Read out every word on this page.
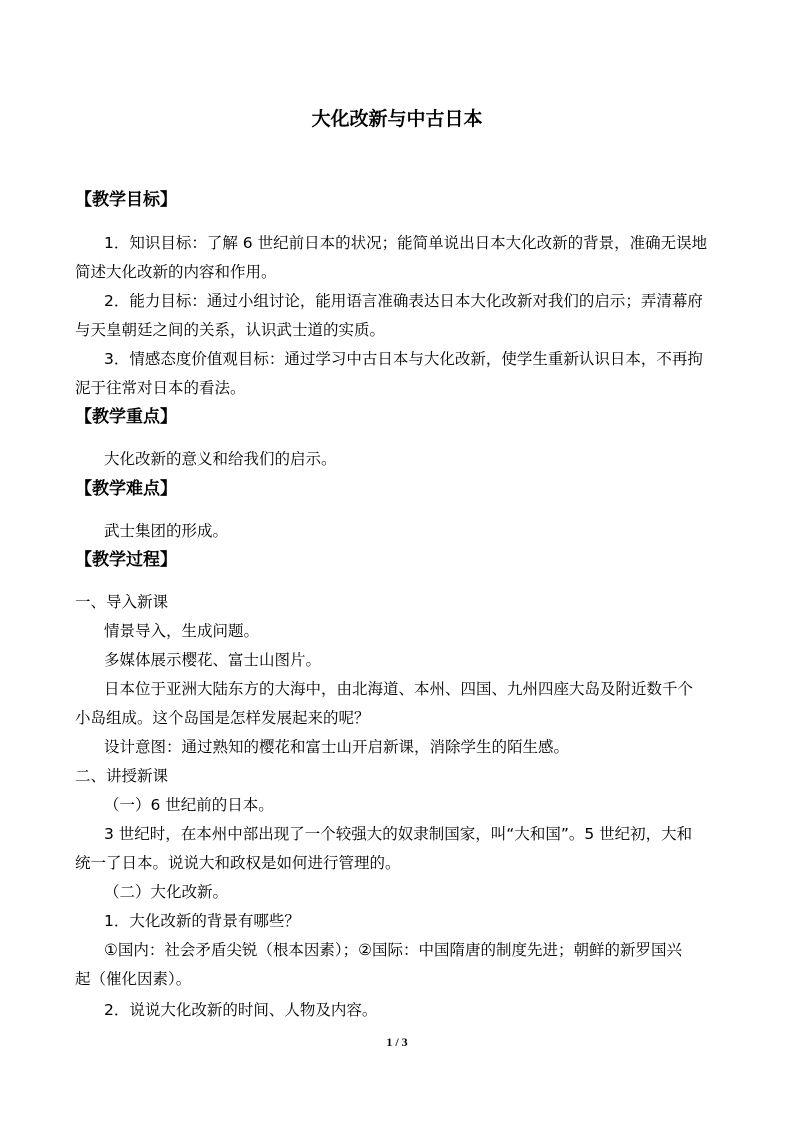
大化改新与中古日本
【教学目标】
1．知识目标：了解 6 世纪前日本的状况；能简单说出日本大化改新的背景，准确无误地
简述大化改新的内容和作用。
2．能力目标：通过小组讨论，能用语言准确表达日本大化改新对我们的启示；弄清幕府
与天皇朝廷之间的关系，认识武士道的实质。
3．情感态度价值观目标：通过学习中古日本与大化改新，使学生重新认识日本，不再拘
泥于往常对日本的看法。
【教学重点】
大化改新的意义和给我们的启示。
【教学难点】
武士集团的形成。
【教学过程】
一、导入新课
情景导入，生成问题。
多媒体展示樱花、富士山图片。
日本位于亚洲大陆东方的大海中，由北海道、本州、四国、九州四座大岛及附近数千个
小岛组成。这个岛国是怎样发展起来的呢？
设计意图：通过熟知的樱花和富士山开启新课，消除学生的陌生感。
二、讲授新课
（一）6 世纪前的日本。
3 世纪时，在本州中部出现了一个较强大的奴隶制国家，叫“大和国”。5 世纪初，大和
统一了日本。说说大和政权是如何进行管理的。
（二）大化改新。
1．大化改新的背景有哪些？
①国内：社会矛盾尖锐（根本因素）；②国际：中国隋唐的制度先进；朝鲜的新罗国兴
起（催化因素）。
2．说说大化改新的时间、人物及内容。
1 / 3
